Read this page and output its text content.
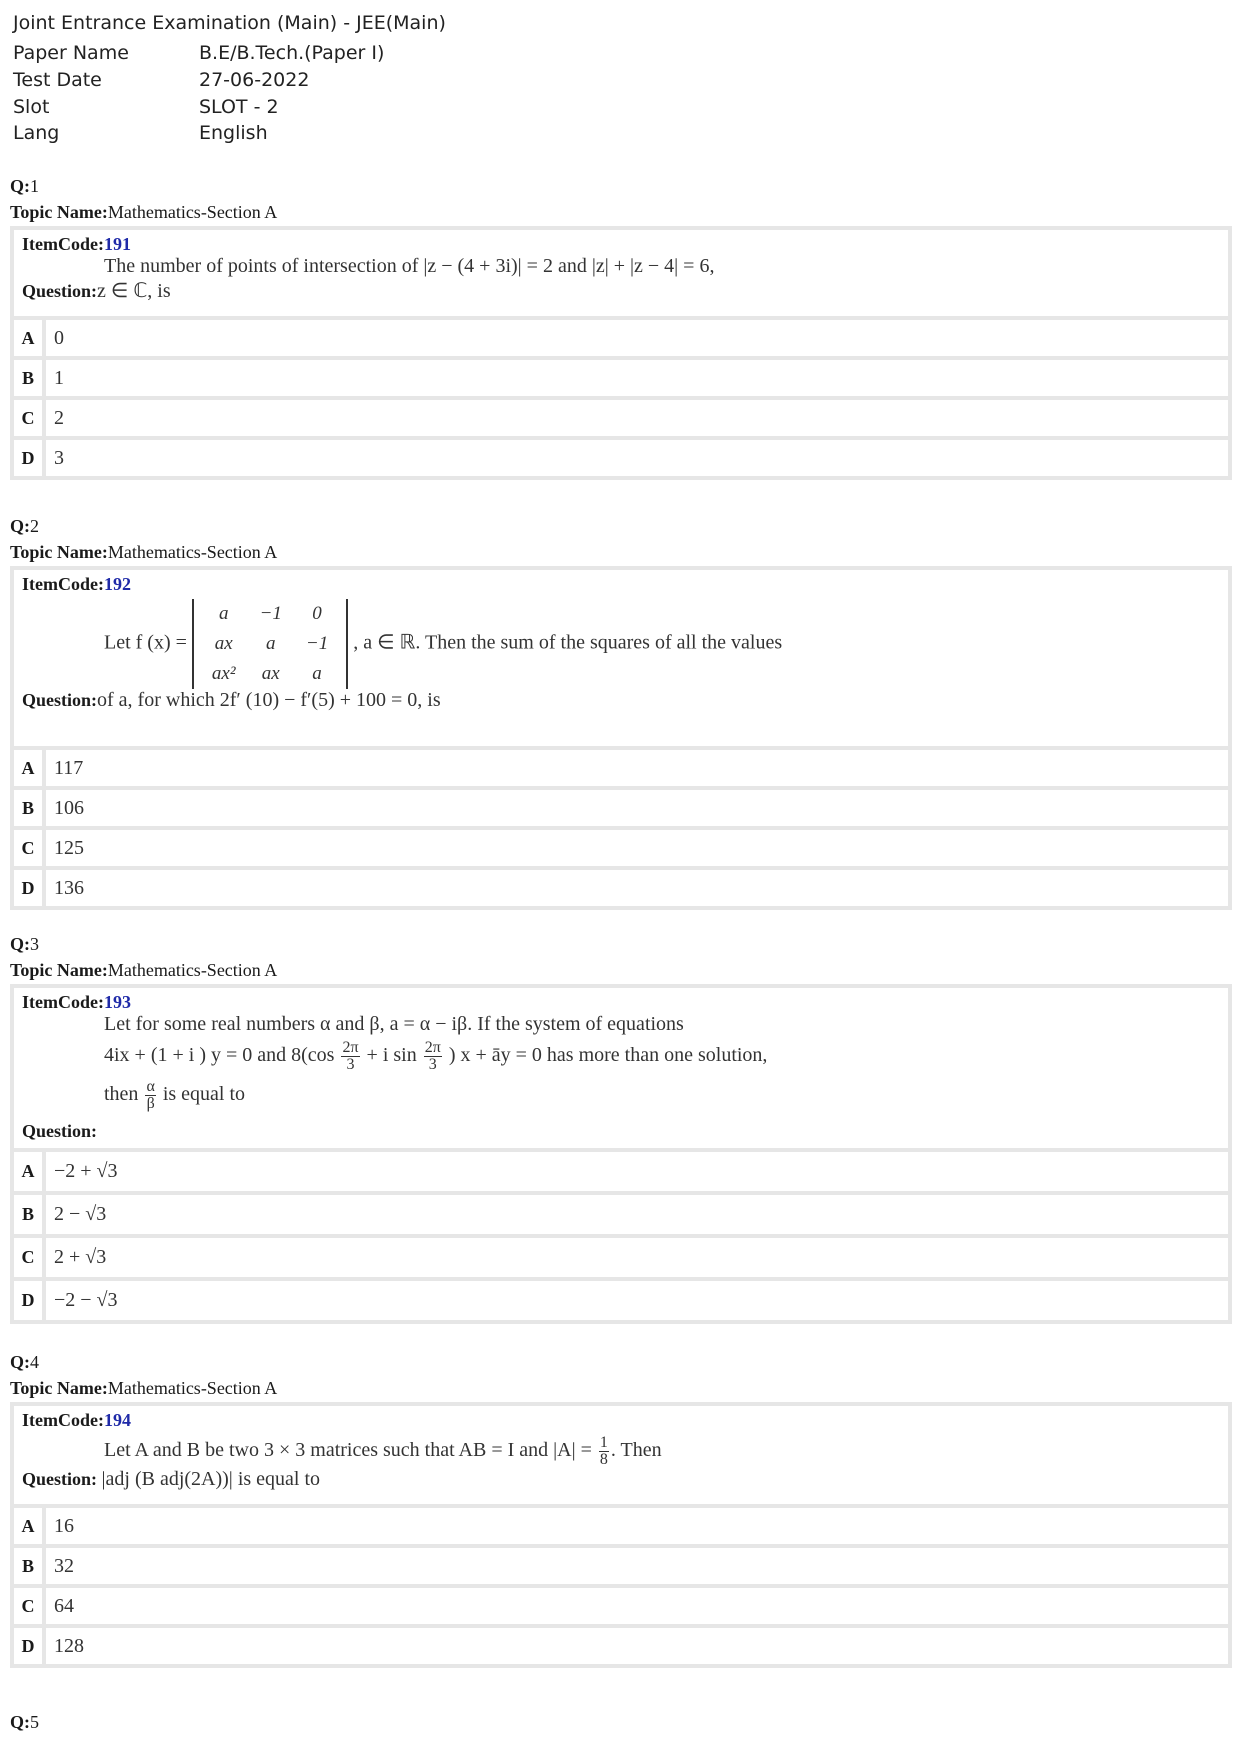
Joint Entrance Examination (Main) - JEE(Main)
Paper Name	B.E/B.Tech.(Paper I)
Test Date	27-06-2022
Slot	SLOT - 2
Lang	English
Q:1
Topic Name:Mathematics-Section A
ItemCode:191
The number of points of intersection of |z − (4 + 3i)| = 2 and |z| + |z − 4| = 6,
Question:z ∈ ℂ, is
A 0
B	1
C 2
D 3
Q:2
Topic Name:Mathematics-Section A
ItemCode:192
Let f (x) =
a	−1	0
ax	a	−1
ax²	ax	a
, a ∈ ℝ. Then the sum of the squares of all the values
Question:of a, for which 2f′ (10) − f′(5) + 100 = 0, is
A 117
B	106
C 125
D 136
Q:3
Topic Name:Mathematics-Section A
ItemCode:193
Let for some real numbers α and β, a = α − iβ. If the system of equations
4ix + (1 + i ) y = 0 and $8(\cos \frac{2\pi}{3} + i$ $\sin \frac{2\pi}{3}$ ) x + āy = 0 has more than one solution,
then $\frac{\alpha}{\beta}$ is equal to
Question:
A −2 + √3
B	2 − √3
C 2 + √3
D −2 − √3
Q:4
Topic Name:Mathematics-Section A
ItemCode:194
Let A and B be two 3 × 3 matrices such that AB = I and $|A| = \frac{1}{8}$ . Then
Question: |adj (B adj(2A))| is equal to
A 16
B	32
C 64
D 128
Q:5
